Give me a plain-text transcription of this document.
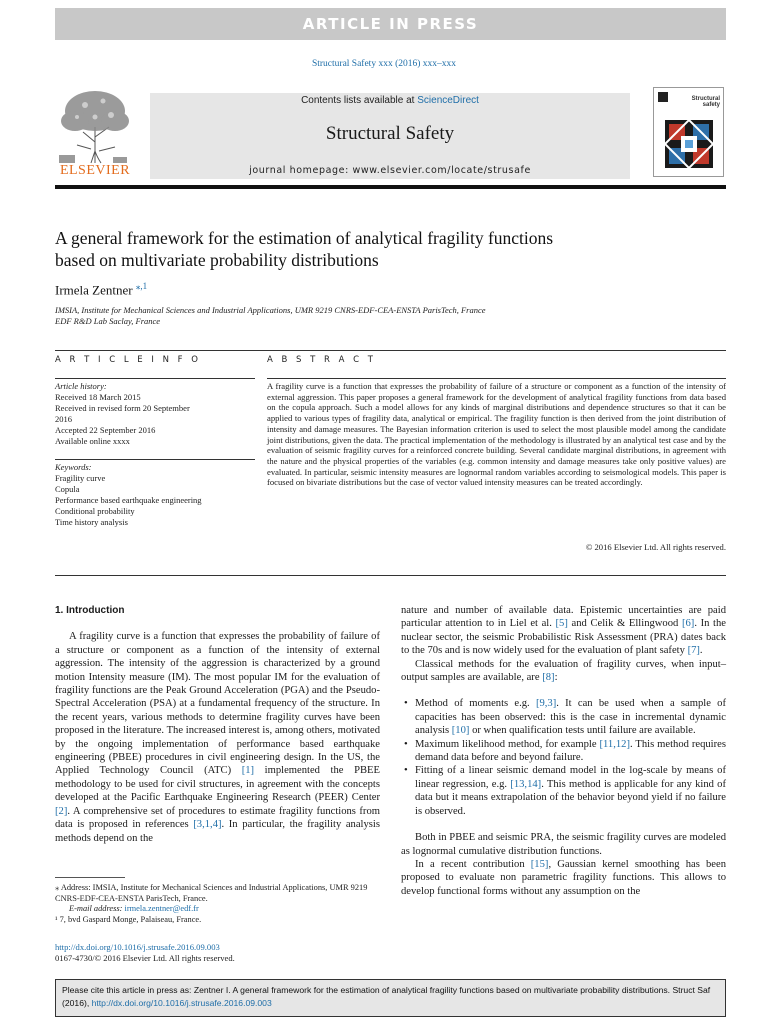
ARTICLE IN PRESS
Structural Safety xxx (2016) xxx–xxx
ELSEVIER
Contents lists available at ScienceDirect
Structural Safety
journal homepage: www.elsevier.com/locate/strusafe
Structural
safety
A general framework for the estimation of analytical fragility functions
based on multivariate probability distributions
Irmela Zentner $^{⁎,1}$
IMSIA, Institute for Mechanical Sciences and Industrial Applications, UMR 9219 CNRS-EDF-CEA-ENSTA ParisTech, France
EDF R&D Lab Saclay, France
A R T I C L E I N F O	A B S T R A C T
Article history:
Received 18 March 2015
Received in revised form 20 September
2016
Accepted 22 September 2016
Available online xxxx
Keywords:
Fragility curve
Copula
Performance based earthquake engineering
Conditional probability
Time history analysis
A fragility curve is a function that expresses the probability of failure of a structure or component as a function of the intensity of external aggression. This paper proposes a general framework for the development of analytical fragility functions from data based on the copula approach. Such a model allows for any kinds of marginal distributions and dependence structures so that it can be applied to various types of fragility data, analytical or empirical. The fragility function is then derived from the joint distribution of intensity and damage measures. The Bayesian information criterion is used to select the most plausible model among the candidate joint distributions, given the data. The practical implementation of the methodology is illustrated by an analytical test case and by the evaluation of seismic fragility curves for a reinforced concrete building. Several candidate marginal distributions, in agreement with the nature and the physical properties of the variables (e.g. common intensity and damage measures take only positive values) are evaluated. In particular, seismic intensity measures are lognormal random variables according to seismological models. This paper is focused on bivariate distributions but the case of vector valued intensity measures can be treated accordingly.
© 2016 Elsevier Ltd. All rights reserved.

1. Introduction

A fragility curve is a function that expresses the probability of failure of a structure or component as a function of the intensity of external aggression. The intensity of the aggression is characterized by a ground motion Intensity measure (IM). The most popular IM for the evaluation of fragility functions are the Peak Ground Acceleration (PGA) and the Pseudo-Spectral Acceleration (PSA) at a fundamental frequency of the structure. In the recent years, various methods to determine fragility curves have been proposed in the literature. The increased interest is, among others, motivated by the ongoing implementation of performance based earthquake engineering (PBEE) procedures in civil engineering design. In the US, the Applied Technology Council (ATC) [1] implemented the PBEE methodology to be used for civil structures, in agreement with the concepts developed at the Pacific Earthquake Engineering Research (PEER) Center [2]. A comprehensive set of procedures to estimate fragility functions from data is proposed in references [3,1,4]. In particular, the fragility analysis methods depend on the

nature and number of available data. Epistemic uncertainties are paid particular attention to in Liel et al. [5] and Celik & Ellingwood [6]. In the nuclear sector, the seismic Probabilistic Risk Assessment (PRA) dates back to the 70s and is now widely used for the evaluation of plant safety [7].

Classical methods for the evaluation of fragility curves, when input–output samples are available, are [8]:

• Method of moments e.g. [9,3]. It can be used when a sample of capacities has been observed: this is the case in incremental dynamic analysis [10] or when qualification tests until failure are available.
• Maximum likelihood method, for example [11,12]. This method requires demand data before and beyond failure.
• Fitting of a linear seismic demand model in the log-scale by means of linear regression, e.g. [13,14]. This method is applicable for any kind of data but it means extrapolation of the behavior beyond yield if no failure is observed.

Both in PBEE and seismic PRA, the seismic fragility curves are modeled as lognormal cumulative distribution functions.

In a recent contribution [15], Gaussian kernel smoothing has been proposed to evaluate non parametric fragility functions. This allows to develop functional forms without any assumption on the

⁎ Address: IMSIA, Institute for Mechanical Sciences and Industrial Applications, UMR 9219 CNRS-EDF-CEA-ENSTA ParisTech, France.
E-mail address: irmela.zentner@edf.fr
¹ 7, bvd Gaspard Monge, Palaiseau, France.
http://dx.doi.org/10.1016/j.strusafe.2016.09.003
0167-4730/© 2016 Elsevier Ltd. All rights reserved.
Please cite this article in press as: Zentner I. A general framework for the estimation of analytical fragility functions based on multivariate probability distributions. Struct Saf (2016), http://dx.doi.org/10.1016/j.strusafe.2016.09.003
